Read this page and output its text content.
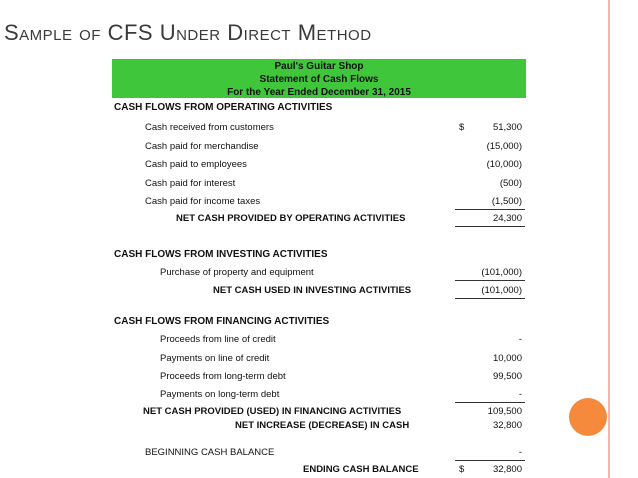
Sample of CFS Under Direct Method
Paul's Guitar Shop
Statement of Cash Flows
For the Year Ended December 31, 2015
CASH FLOWS FROM OPERATING ACTIVITIES
Cash received from customers	$	51,300
Cash paid for merchandise	(15,000)
Cash paid to employees	(10,000)
Cash paid for interest	(500)
Cash paid for income taxes	(1,500)
NET CASH PROVIDED BY OPERATING ACTIVITIES	24,300
CASH FLOWS FROM INVESTING ACTIVITIES
Purchase of property and equipment	(101,000)
NET CASH USED IN INVESTING ACTIVITIES	(101,000)
CASH FLOWS FROM FINANCING ACTIVITIES
Proceeds from line of credit	-
Payments on line of credit	10,000
Proceeds from long-term debt	99,500
Payments on long-term debt	-
NET CASH PROVIDED (USED) IN FINANCING ACTIVITIES	109,500
NET INCREASE (DECREASE) IN CASH	32,800
BEGINNING CASH BALANCE	-
ENDING CASH BALANCE	$	32,800
